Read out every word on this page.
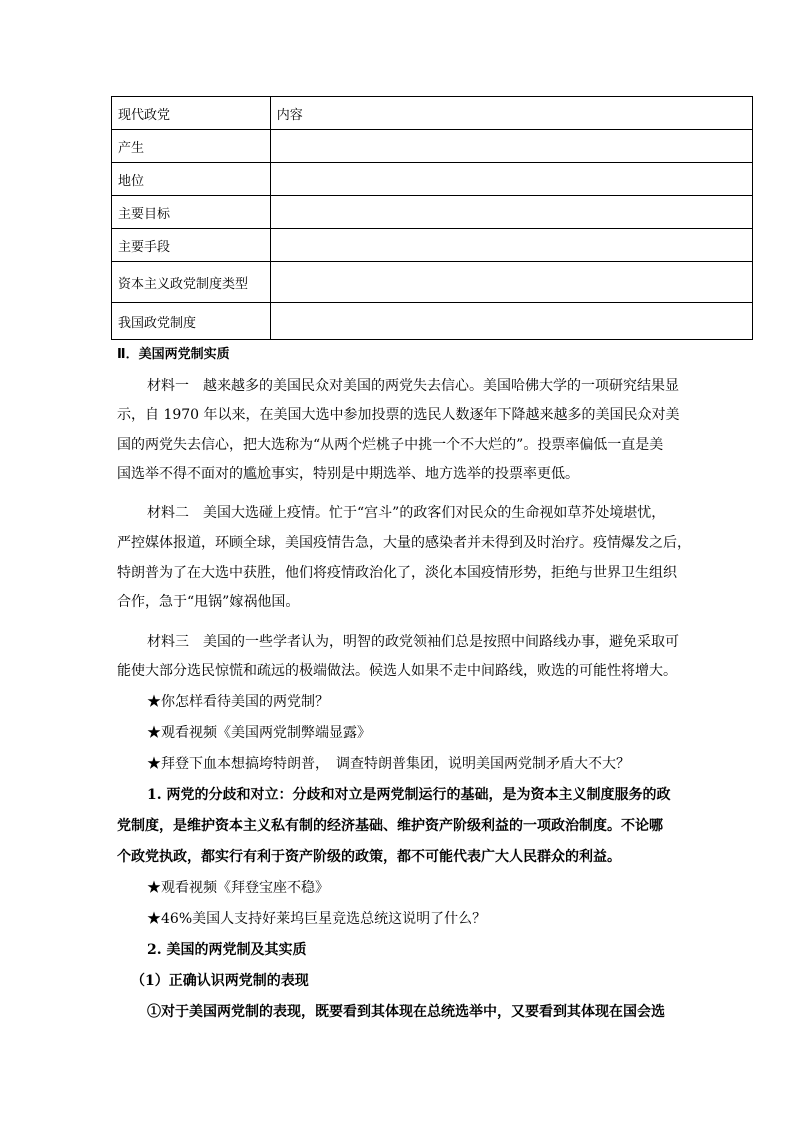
现代政党	内容
产生	
地位	
主要目标	
主要手段	
资本主义政党制度类型	
我国政党制度	
Ⅱ．美国两党制实质
材料一　越来越多的美国民众对美国的两党失去信心。美国哈佛大学的一项研究结果显
示，自 1970 年以来，在美国大选中参加投票的选民人数逐年下降越来越多的美国民众对美
国的两党失去信心，把大选称为“从两个烂桃子中挑一个不大烂的”。投票率偏低一直是美
国选举不得不面对的尴尬事实，特别是中期选举、地方选举的投票率更低。
材料二　美国大选碰上疫情。忙于“宫斗”的政客们对民众的生命视如草芥处境堪忧，
严控媒体报道，环顾全球，美国疫情告急，大量的感染者并未得到及时治疗。疫情爆发之后，
特朗普为了在大选中获胜，他们将疫情政治化了，淡化本国疫情形势，拒绝与世界卫生组织
合作，急于“甩锅”嫁祸他国。
材料三　美国的一些学者认为，明智的政党领袖们总是按照中间路线办事，避免采取可
能使大部分选民惊慌和疏远的极端做法。候选人如果不走中间路线，败选的可能性将增大。
★你怎样看待美国的两党制？
★观看视频《美国两党制弊端显露》
★拜登下血本想搞垮特朗普，　调查特朗普集团，说明美国两党制矛盾大不大？
1. 两党的分歧和对立：分歧和对立是两党制运行的基础，是为资本主义制度服务的政
党制度，是维护资本主义私有制的经济基础、维护资产阶级利益的一项政治制度。不论哪
个政党执政，都实行有利于资产阶级的政策，都不可能代表广大人民群众的利益。
★观看视频《拜登宝座不稳》
★46%美国人支持好莱坞巨星竞选总统这说明了什么？
2. 美国的两党制及其实质
（1）正确认识两党制的表现
①对于美国两党制的表现，既要看到其体现在总统选举中，又要看到其体现在国会选
